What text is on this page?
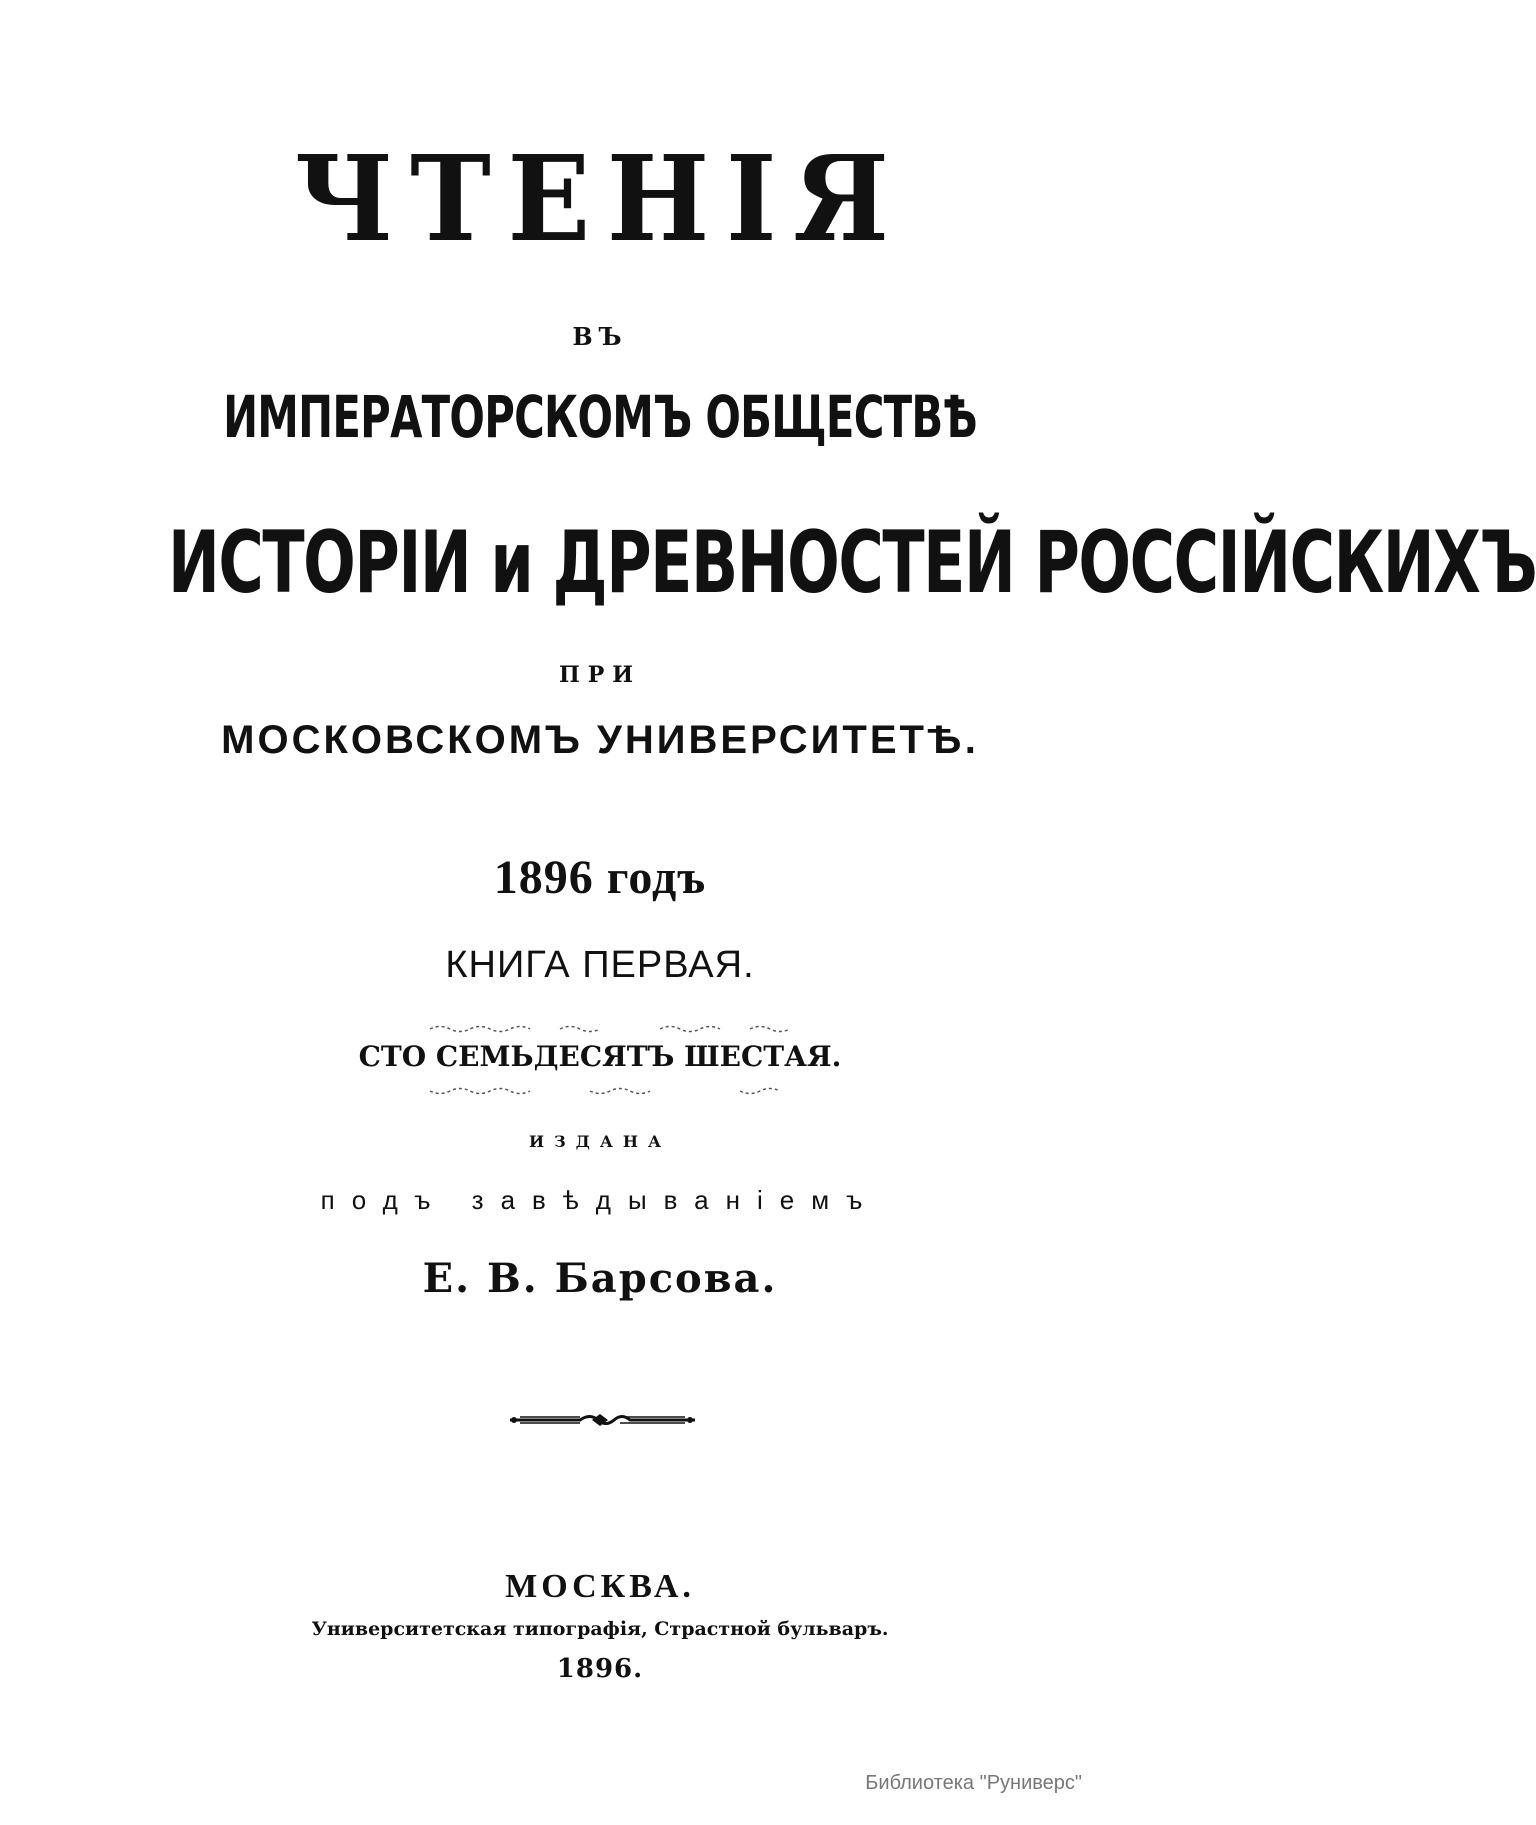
ЧТЕНІЯ
ВЪ
ИМПЕРАТОРСКОМЪ ОБЩЕСТВѢ
ИСТОРІИ и ДРЕВНОСТЕЙ РОССІЙСКИХЪ
ПРИ
МОСКОВСКОМЪ УНИВЕРСИТЕТѢ.
1896 годъ
КНИГА ПЕРВАЯ.
СТО СЕМЬДЕСЯТЪ ШЕСТАЯ.
ИЗДАНА
подъ завѣдываніемъ
Е. В. Барсова.
МОСКВА.
Университетская типографія, Страстной бульваръ.
1896.
Библиотека "Руниверс"
